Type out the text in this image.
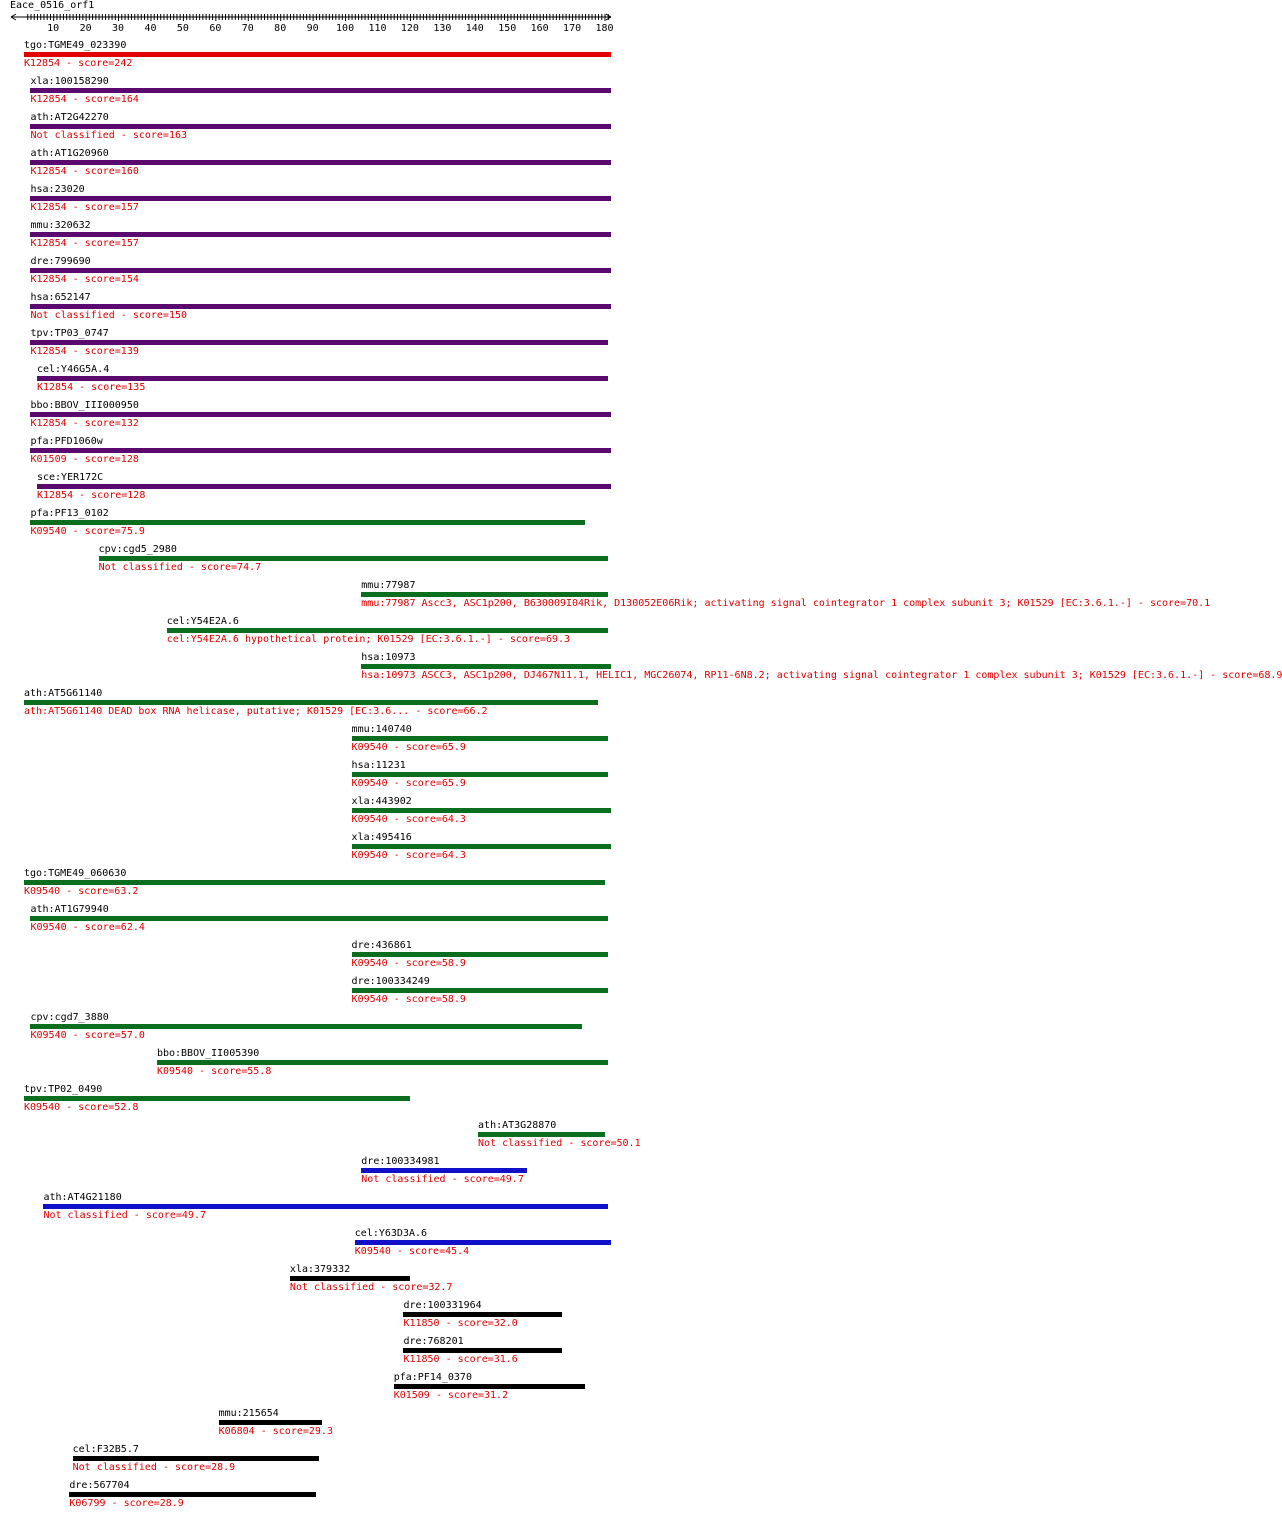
Eace_0516_orf1
10 20 30 40 50 60 70 80 90 100 110 120 130 140 150 160 170 180
tgo:TGME49_023390
K12854 - score=242
xla:100158290
K12854 - score=164
ath:AT2G42270
Not classified - score=163
ath:AT1G20960
K12854 - score=160
hsa:23020
K12854 - score=157
mmu:320632
K12854 - score=157
dre:799690
K12854 - score=154
hsa:652147
Not classified - score=150
tpv:TP03_0747
K12854 - score=139
cel:Y46G5A.4
K12854 - score=135
bbo:BBOV_III000950
K12854 - score=132
pfa:PFD1060w
K01509 - score=128
sce:YER172C
K12854 - score=128
pfa:PF13_0102
K09540 - score=75.9
cpv:cgd5_2980
Not classified - score=74.7
mmu:77987
mmu:77987 Ascc3, ASC1p200, B630009I04Rik, D130052E06Rik; activating signal cointegrator 1 complex subunit 3; K01529 [EC:3.6.1.-] - score=70.1
cel:Y54E2A.6
cel:Y54E2A.6 hypothetical protein; K01529 [EC:3.6.1.-] - score=69.3
hsa:10973
hsa:10973 ASCC3, ASC1p200, DJ467N11.1, HELIC1, MGC26074, RP11-6N8.2; activating signal cointegrator 1 complex subunit 3; K01529 [EC:3.6.1.-] - score=68.9
ath:AT5G61140
ath:AT5G61140 DEAD box RNA helicase, putative; K01529 [EC:3.6... - score=66.2
mmu:140740
K09540 - score=65.9
hsa:11231
K09540 - score=65.9
xla:443902
K09540 - score=64.3
xla:495416
K09540 - score=64.3
tgo:TGME49_060630
K09540 - score=63.2
ath:AT1G79940
K09540 - score=62.4
dre:436861
K09540 - score=58.9
dre:100334249
K09540 - score=58.9
cpv:cgd7_3880
K09540 - score=57.0
bbo:BBOV_II005390
K09540 - score=55.8
tpv:TP02_0490
K09540 - score=52.8
ath:AT3G28870
Not classified - score=50.1
dre:100334981
Not classified - score=49.7
ath:AT4G21180
Not classified - score=49.7
cel:Y63D3A.6
K09540 - score=45.4
xla:379332
Not classified - score=32.7
dre:100331964
K11850 - score=32.0
dre:768201
K11850 - score=31.6
pfa:PF14_0370
K01509 - score=31.2
mmu:215654
K06804 - score=29.3
cel:F32B5.7
Not classified - score=28.9
dre:567704
K06799 - score=28.9
